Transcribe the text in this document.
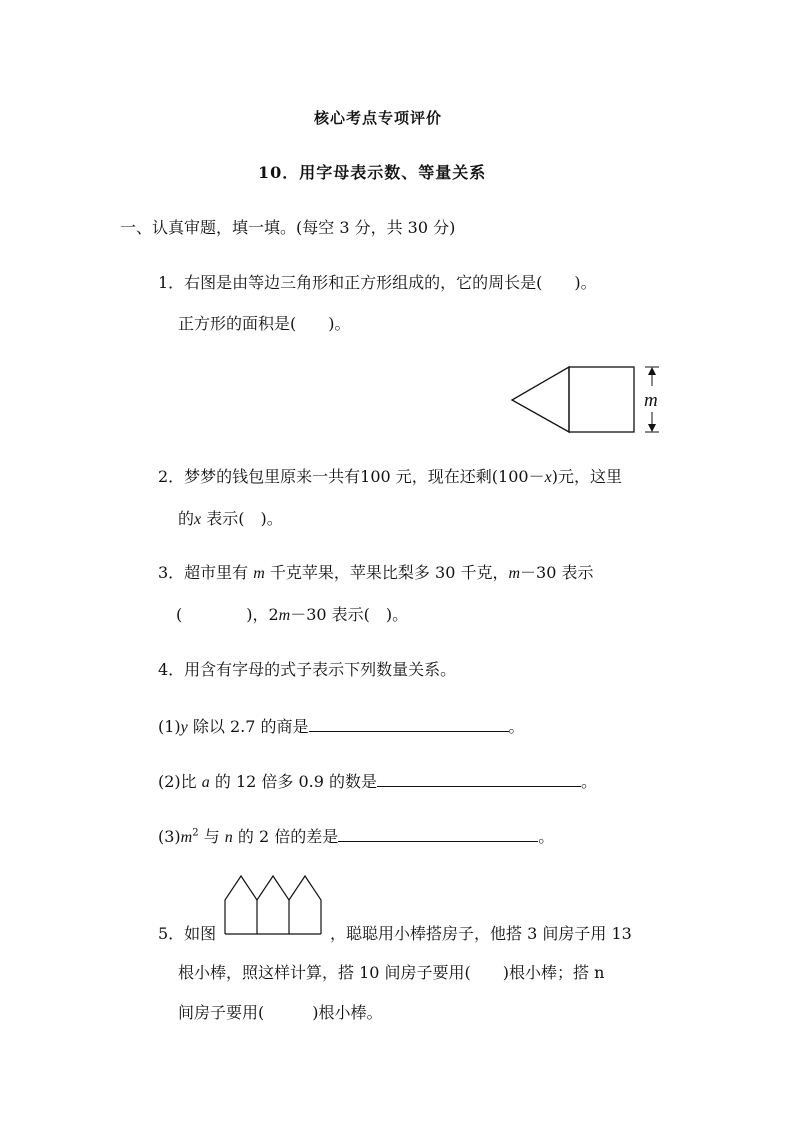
核心考点专项评价
10．用字母表示数、等量关系
一、认真审题，填一填。(每空 3 分，共 30 分)
1．右图是由等边三角形和正方形组成的，它的周长是(　　)。
正方形的面积是(　　)。
m
2．梦梦的钱包里原来一共有100 元，现在还剩(100－x)元，这里
的x 表示(　)。
3．超市里有 m 千克苹果，苹果比梨多 30 千克，m－30 表示
(　　　　)，2m－30 表示(　)。
4．用含有字母的式子表示下列数量关系。
(1)y 除以 2.7 的商是	。
(2)比 a 的 12 倍多 0.9 的数是	。
$(3)m^2$ 与 n 的 2 倍的差是	。
5．如图	，聪聪用小棒搭房子，他搭 3 间房子用 13
根小棒，照这样计算，搭 10 间房子要用(　　)根小棒；搭 n
间房子要用(　　　)根小棒。
